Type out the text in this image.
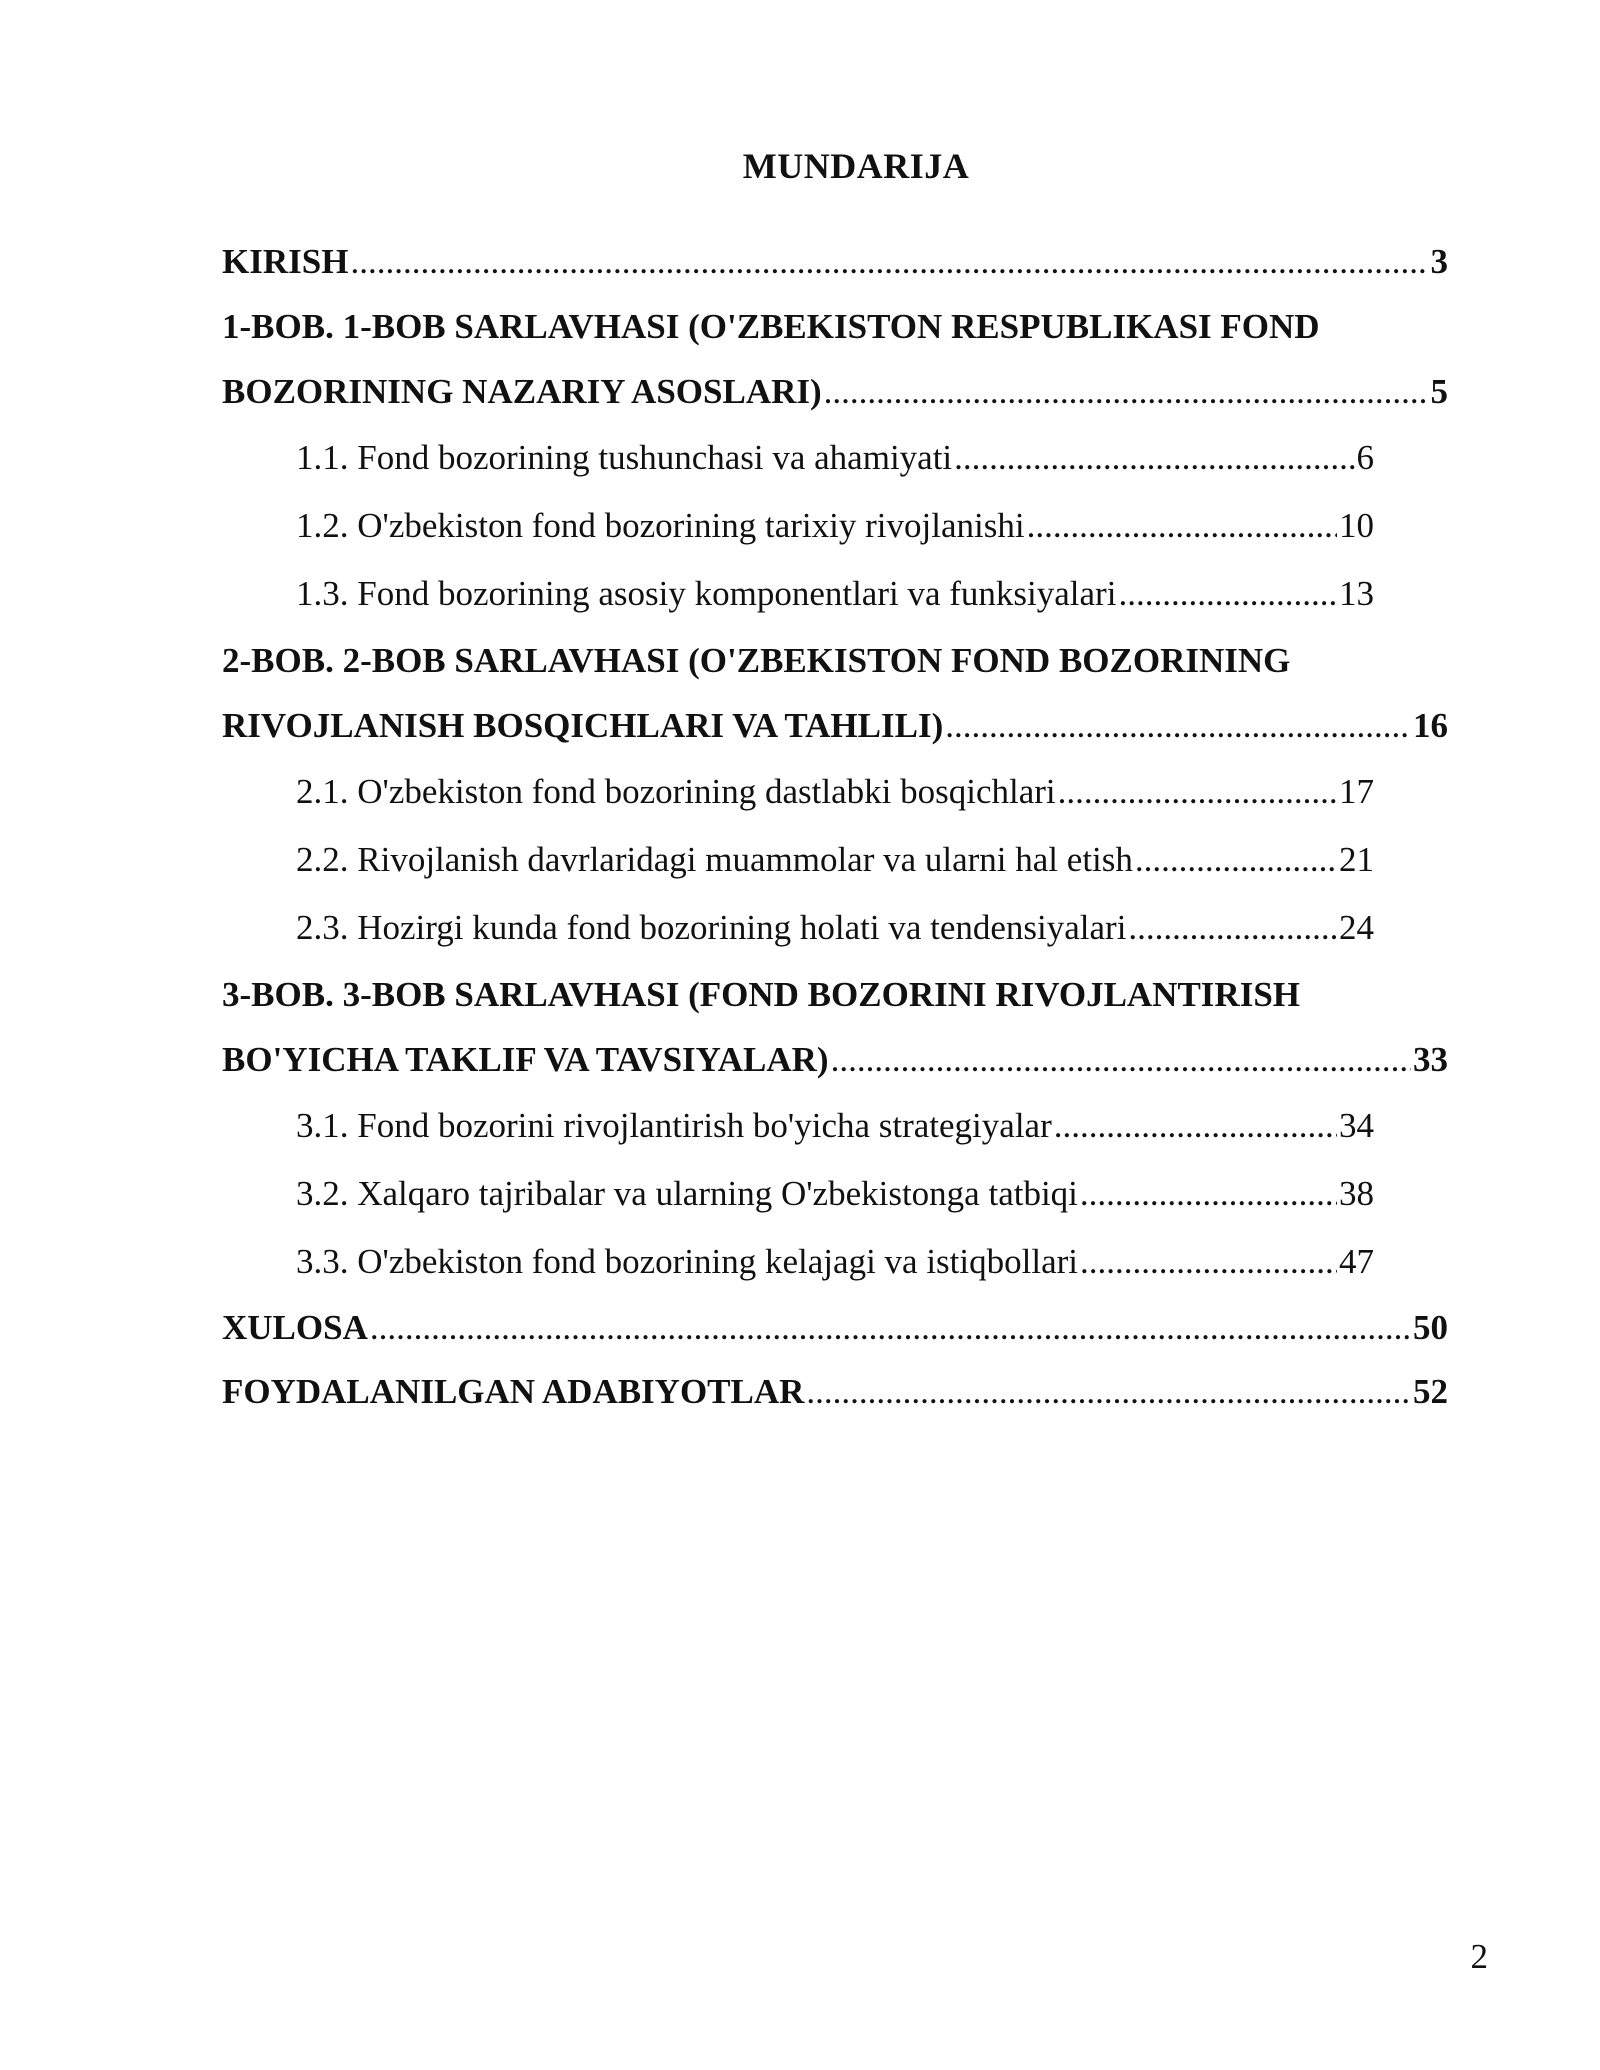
MUNDARIJA
KIRISH .....	3
1-BOB. 1-BOB SARLAVHASI (O'ZBEKISTON RESPUBLIKASI FOND
BOZORINING NAZARIY ASOSLARI) .....	5
1.1. Fond bozorining tushunchasi va ahamiyati .....	6
1.2. O'zbekiston fond bozorining tarixiy rivojlanishi .....	10
1.3. Fond bozorining asosiy komponentlari va funksiyalari .....	13
2-BOB. 2-BOB SARLAVHASI (O'ZBEKISTON FOND BOZORINING
RIVOJLANISH BOSQICHLARI VA TAHLILI) .....	16
2.1. O'zbekiston fond bozorining dastlabki bosqichlari .....	17
2.2. Rivojlanish davrlaridagi muammolar va ularni hal etish .....	21
2.3. Hozirgi kunda fond bozorining holati va tendensiyalari .....	24
3-BOB. 3-BOB SARLAVHASI (FOND BOZORINI RIVOJLANTIRISH
BO'YICHA TAKLIF VA TAVSIYALAR) .....	33
3.1. Fond bozorini rivojlantirish bo'yicha strategiyalar .....	34
3.2. Xalqaro tajribalar va ularning O'zbekistonga tatbiqi .....	38
3.3. O'zbekiston fond bozorining kelajagi va istiqbollari .....	47
XULOSA .....	50
FOYDALANILGAN ADABIYOTLAR .....	52
2
